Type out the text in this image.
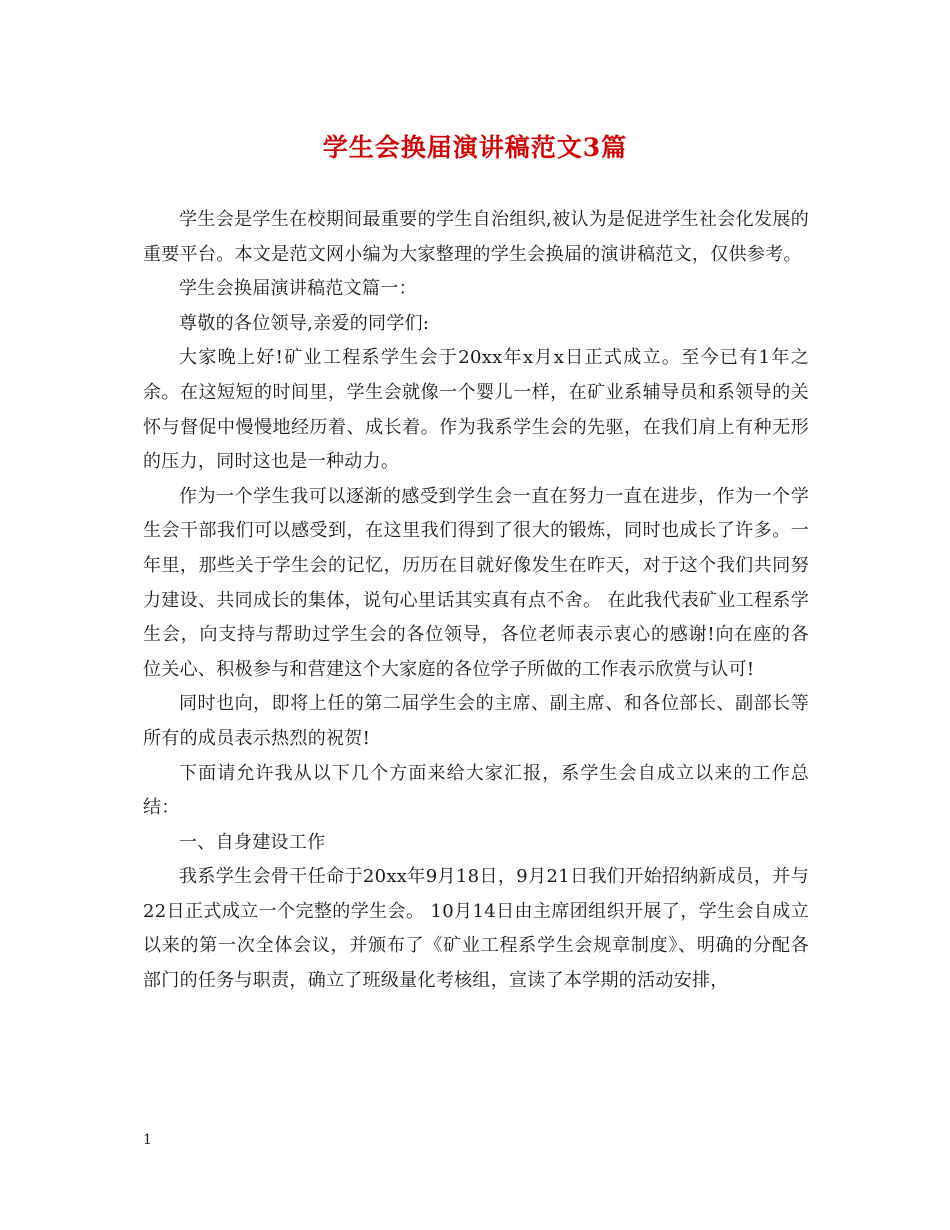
学生会换届演讲稿范文3篇

学生会是学生在校期间最重要的学生自治组织,被认为是促进学生社会化发展的重要平台。本文是范文网小编为大家整理的学生会换届的演讲稿范文，仅供参考。

学生会换届演讲稿范文篇一：

尊敬的各位领导,亲爱的同学们:

大家晚上好!矿业工程系学生会于20xx年x月x日正式成立。至今已有1年之余。在这短短的时间里，学生会就像一个婴儿一样，在矿业系辅导员和系领导的关怀与督促中慢慢地经历着、成长着。作为我系学生会的先驱，在我们肩上有种无形的压力，同时这也是一种动力。

作为一个学生我可以逐渐的感受到学生会一直在努力一直在进步，作为一个学生会干部我们可以感受到，在这里我们得到了很大的锻炼，同时也成长了许多。一年里，那些关于学生会的记忆，历历在目就好像发生在昨天，对于这个我们共同努力建设、共同成长的集体，说句心里话其实真有点不舍。 在此我代表矿业工程系学生会，向支持与帮助过学生会的各位领导，各位老师表示衷心的感谢!向在座的各位关心、积极参与和营建这个大家庭的各位学子所做的工作表示欣赏与认可!

同时也向，即将上任的第二届学生会的主席、副主席、和各位部长、副部长等所有的成员表示热烈的祝贺!

下面请允许我从以下几个方面来给大家汇报，系学生会自成立以来的工作总结：

一、自身建设工作

我系学生会骨干任命于20xx年9月18日，9月21日我们开始招纳新成员，并与22日正式成立一个完整的学生会。 10月14日由主席团组织开展了，学生会自成立以来的第一次全体会议，并颁布了《矿业工程系学生会规章制度》、明确的分配各部门的任务与职责，确立了班级量化考核组，宣读了本学期的活动安排，

1
